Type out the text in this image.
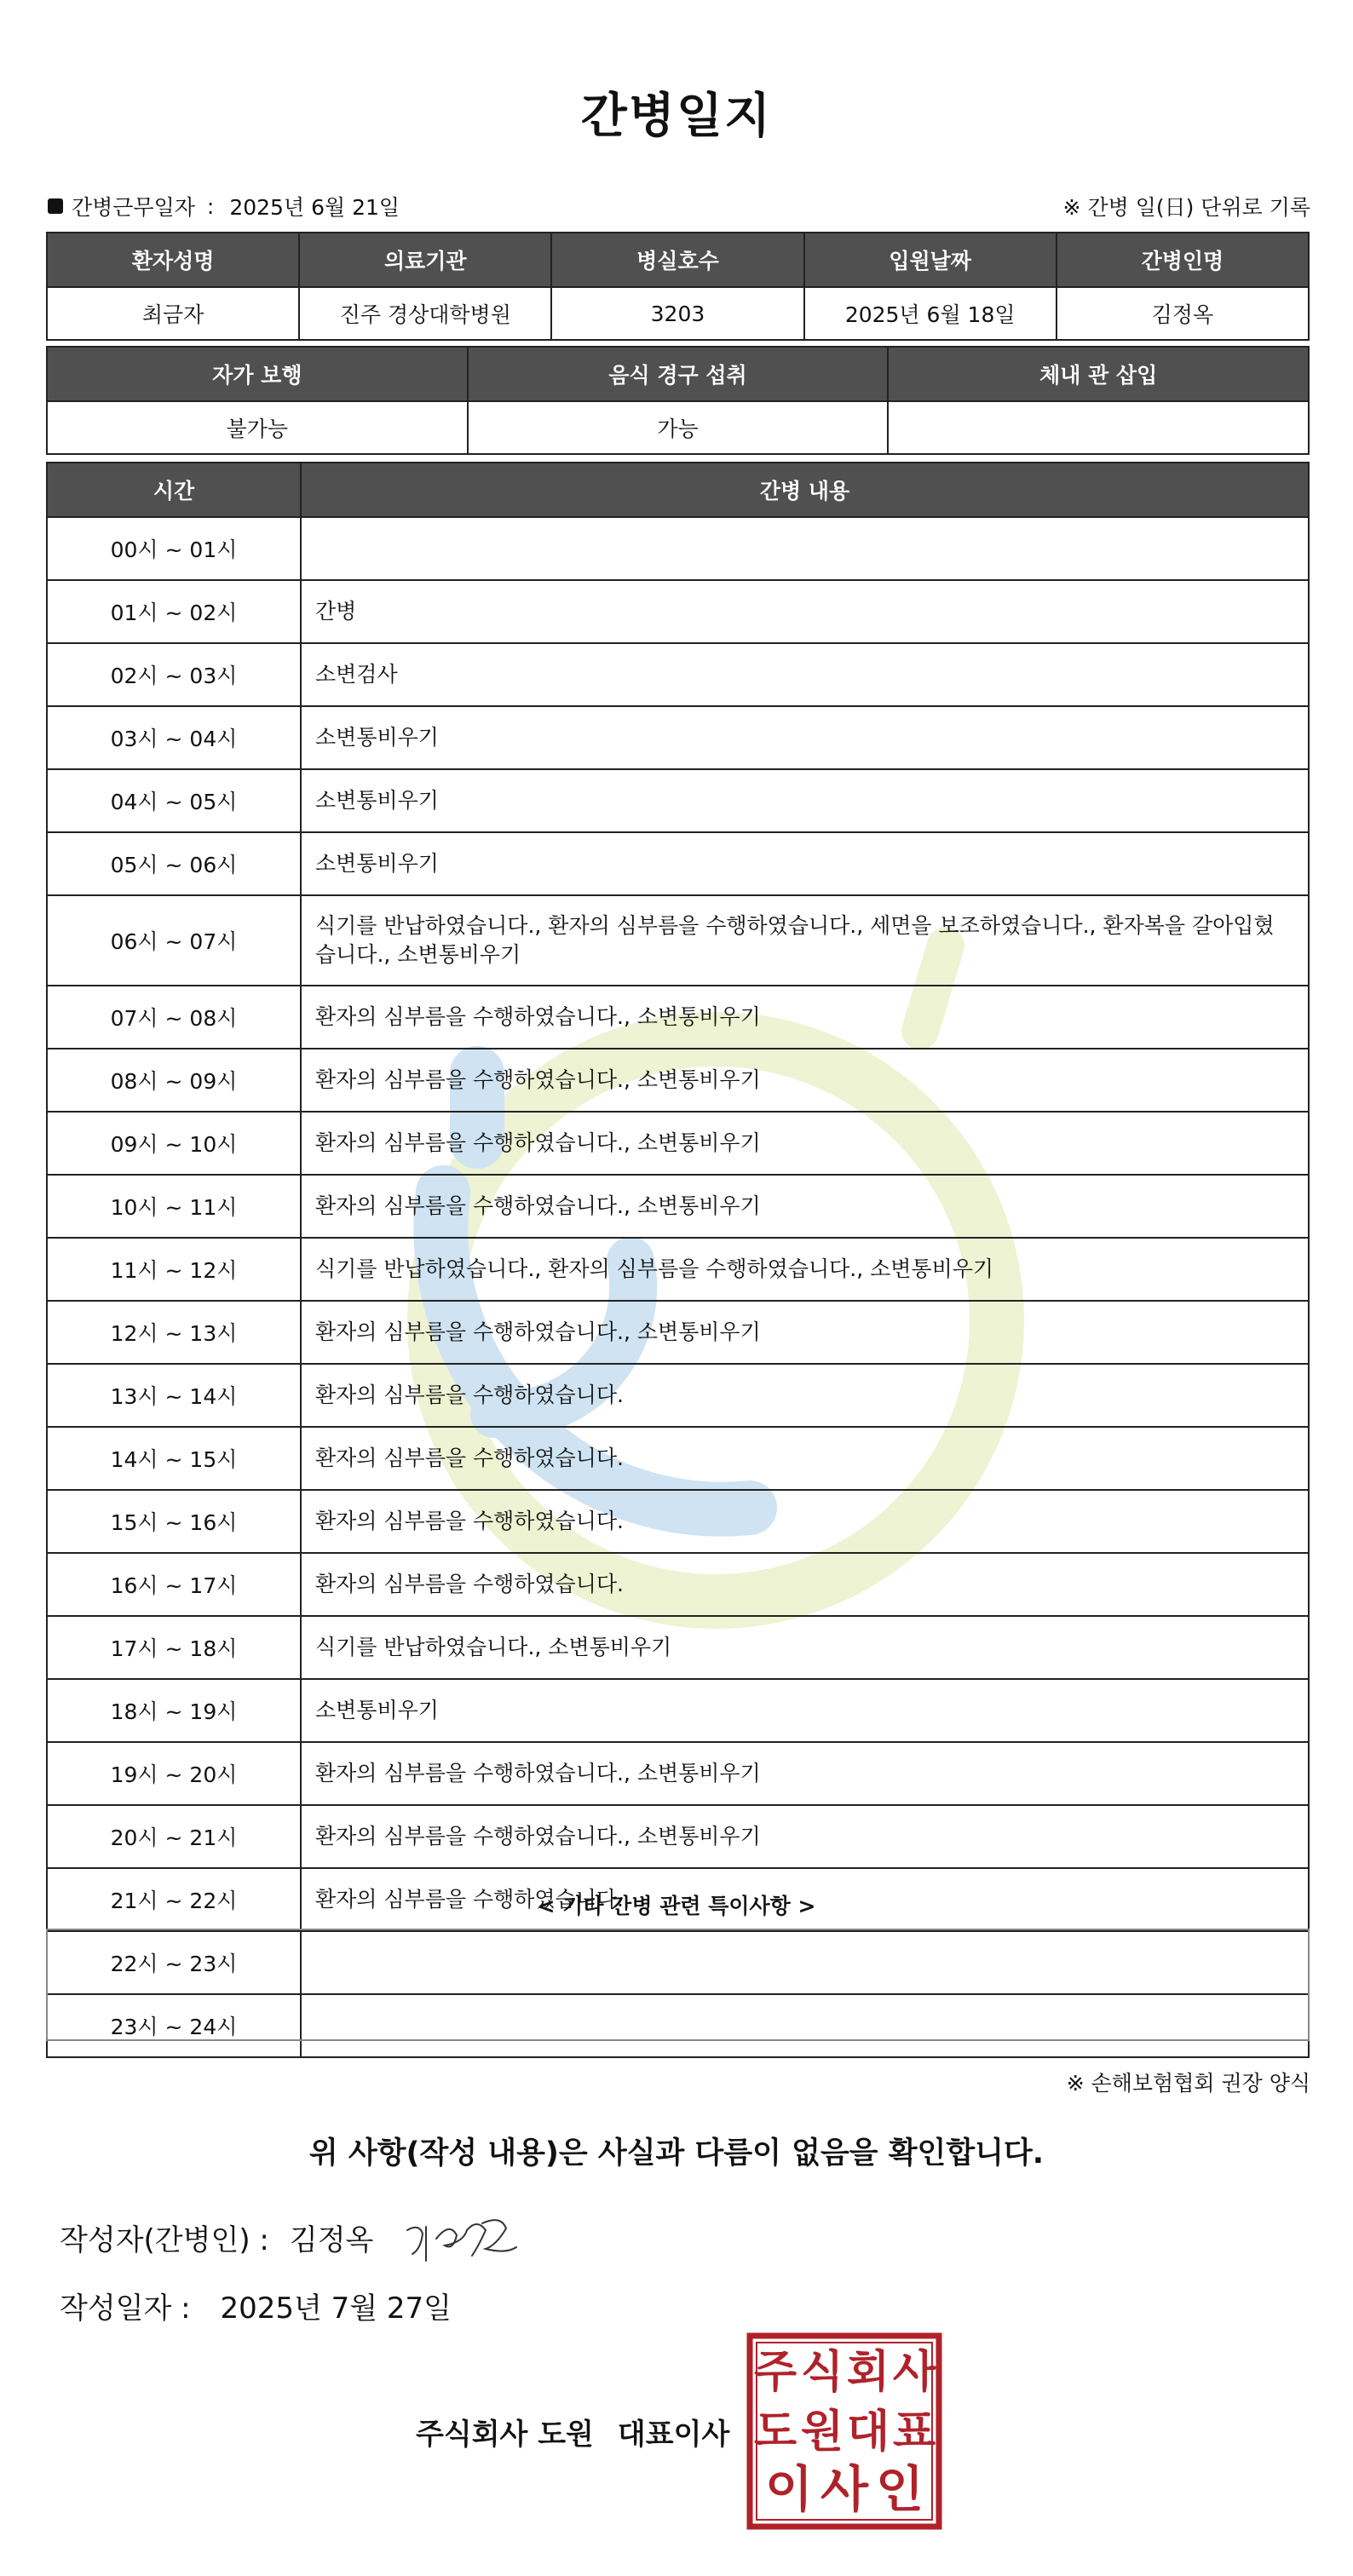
간병일지
간병근무일자 : 2025년 6월 21일	※ 간병 일(日) 단위로 기록
환자성명	의료기관	병실호수	입원날짜	간병인명
최금자	진주 경상대학병원	3203	2025년 6월 18일	김정옥
자가 보행	음식 경구 섭취	체내 관 삽입
불가능	가능	
시간	간병 내용
00시 ~ 01시	
01시 ~ 02시	간병
02시 ~ 03시	소변검사
03시 ~ 04시	소변통비우기
04시 ~ 05시	소변통비우기
05시 ~ 06시	소변통비우기
06시 ~ 07시	식기를 반납하였습니다., 환자의 심부름을 수행하였습니다., 세면을 보조하였습니다., 환자복을 갈아입혔습니다., 소변통비우기
07시 ~ 08시	환자의 심부름을 수행하였습니다., 소변통비우기
08시 ~ 09시	환자의 심부름을 수행하였습니다., 소변통비우기
09시 ~ 10시	환자의 심부름을 수행하였습니다., 소변통비우기
10시 ~ 11시	환자의 심부름을 수행하였습니다., 소변통비우기
11시 ~ 12시	식기를 반납하였습니다., 환자의 심부름을 수행하였습니다., 소변통비우기
12시 ~ 13시	환자의 심부름을 수행하였습니다., 소변통비우기
13시 ~ 14시	환자의 심부름을 수행하였습니다.
14시 ~ 15시	환자의 심부름을 수행하였습니다.
15시 ~ 16시	환자의 심부름을 수행하였습니다.
16시 ~ 17시	환자의 심부름을 수행하였습니다.
17시 ~ 18시	식기를 반납하였습니다., 소변통비우기
18시 ~ 19시	소변통비우기
19시 ~ 20시	환자의 심부름을 수행하였습니다., 소변통비우기
20시 ~ 21시	환자의 심부름을 수행하였습니다., 소변통비우기
21시 ~ 22시	환자의 심부름을 수행하였습니다.
22시 ~ 23시	
23시 ~ 24시	
< 기타 간병 관련 특이사항 >
※ 손해보험협회 권장 양식
위 사항(작성 내용)은 사실과 다름이 없음을 확인합니다.
작성자(간병인) : 김정옥
작성일자 : 2025년 7월 27일
주식회사 도원 대표이사
주 식 회 사
도 원 대 표
이 사 인
